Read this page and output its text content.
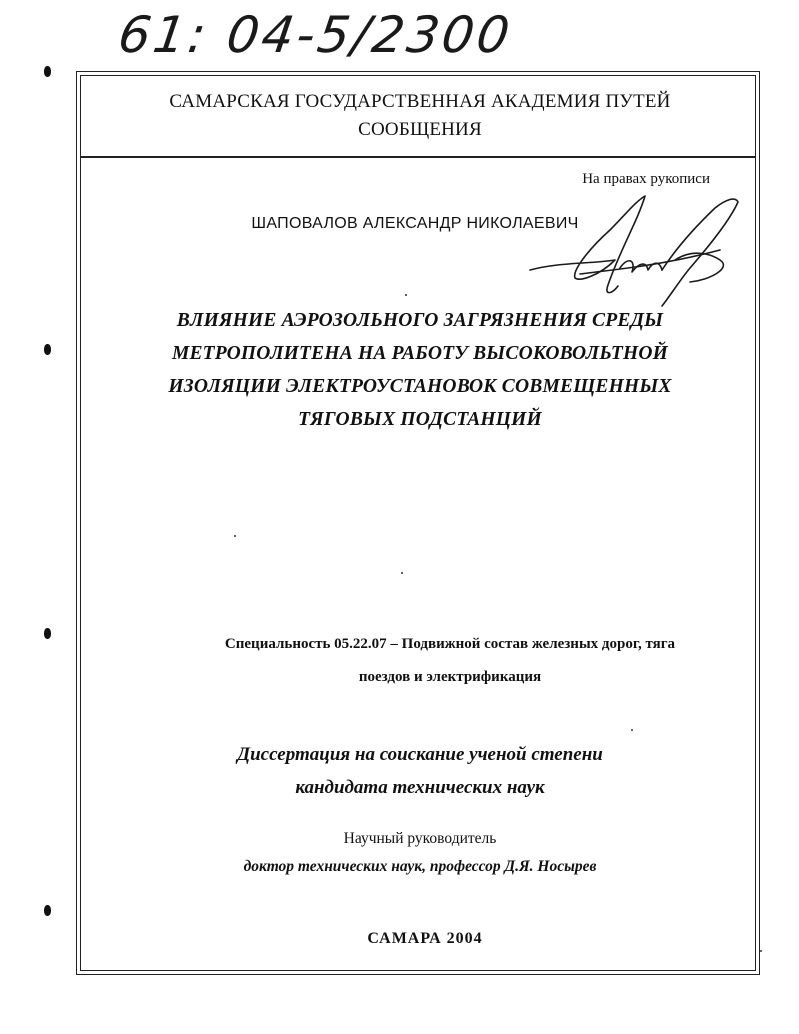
61: 04-5/2300
САМАРСКАЯ ГОСУДАРСТВЕННАЯ АКАДЕМИЯ ПУТЕЙ
СООБЩЕНИЯ
На правах рукописи
ШАПОВАЛОВ АЛЕКСАНДР НИКОЛАЕВИЧ
ВЛИЯНИЕ АЭРОЗОЛЬНОГО ЗАГРЯЗНЕНИЯ СРЕДЫ
МЕТРОПОЛИТЕНА НА РАБОТУ ВЫСОКОВОЛЬТНОЙ
ИЗОЛЯЦИИ ЭЛЕКТРОУСТАНОВОК СОВМЕЩЕННЫХ
ТЯГОВЫХ ПОДСТАНЦИЙ
Специальность 05.22.07 – Подвижной состав железных дорог, тяга
поездов и электрификация
Диссертация на соискание ученой степени
кандидата технических наук
Научный руководитель
доктор технических наук, профессор Д.Я. Носырев
САМАРА 2004
